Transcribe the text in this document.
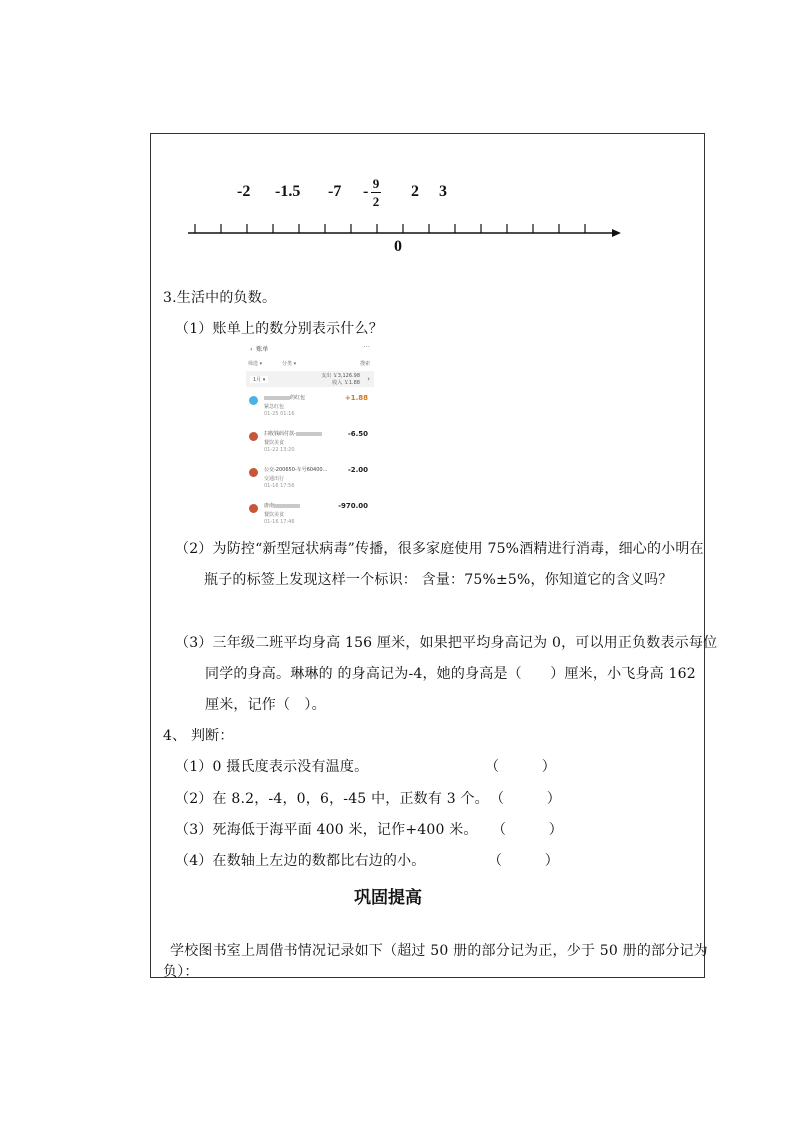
-2 -1.5 -7 - 9
2
2 3
0
3.生活中的负数。
（1）账单上的数分别表示什么？
‹  账单	···
筛选 ▾	分类 ▾	搜索
1月 ▾
支出 ￥3,126.98
收入 ￥1.88 ›
的红包
紧急红包
01-25 01:16
+1.88
扫收钱码付款-
餐饮美食
01-22 13:20
-6.50
公交-200650-车号60400...
交通出行
01-16 17:56
-2.00
唐南
餐饮美食
01-16 17:46
-970.00
（2）为防控“新型冠状病毒”传播，很多家庭使用 75%酒精进行消毒，细心的小明在
瓶子的标签上发现这样一个标识： 含量：75%±5%，你知道它的含义吗？
（3）三年级二班平均身高 156 厘米，如果把平均身高记为 0，可以用正负数表示每位
同学的身高。琳琳的 的身高记为-4，她的身高是（　　）厘米，小飞身高 162
厘米，记作（　）。
4、 判断：
（1）0 摄氏度表示没有温度。	（　　　）
（2）在 8.2，-4，0，6，-45 中，正数有 3 个。 （　　　）
（3）死海低于海平面 400 米，记作+400 米。 （　　　）
（4）在数轴上左边的数都比右边的小。	（　　　）
巩固提高
学校图书室上周借书情况记录如下（超过 50 册的部分记为正，少于 50 册的部分记为
负）：
